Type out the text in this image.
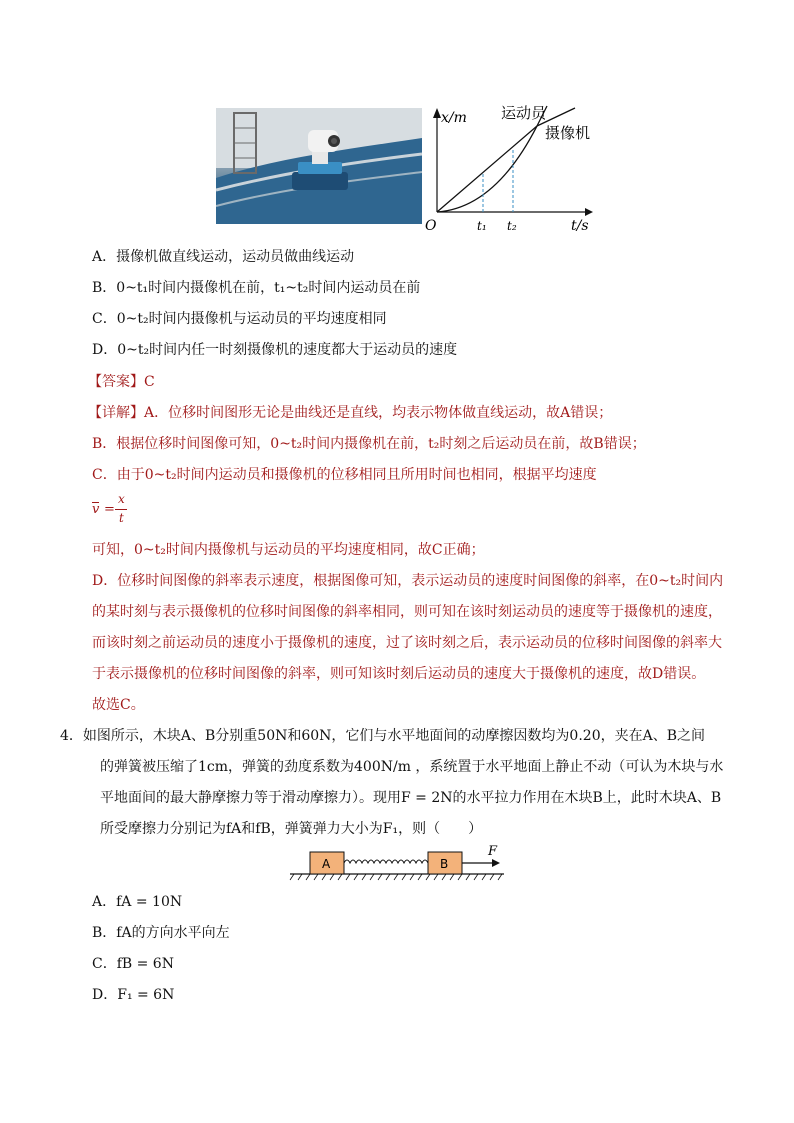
x/m
t/s
O	t₁ t₂
运动员
摄像机
A．摄像机做直线运动，运动员做曲线运动
B．0~t₁时间内摄像机在前，t₁~t₂时间内运动员在前
C．0~t₂时间内摄像机与运动员的平均速度相同
D．0~t₂时间内任一时刻摄像机的速度都大于运动员的速度
【答案】C
【详解】A．位移时间图形无论是曲线还是直线，均表示物体做直线运动，故A错误；
B．根据位移时间图像可知，0~t₂时间内摄像机在前，t₂时刻之后运动员在前，故B错误；
C．由于0~t₂时间内运动员和摄像机的位移相同且所用时间也相同，根据平均速度
v =
x
t
可知，0~t₂时间内摄像机与运动员的平均速度相同，故C正确；
D．位移时间图像的斜率表示速度，根据图像可知，表示运动员的速度时间图像的斜率，在0~t₂时间内
的某时刻与表示摄像机的位移时间图像的斜率相同，则可知在该时刻运动员的速度等于摄像机的速度，
而该时刻之前运动员的速度小于摄像机的速度，过了该时刻之后，表示运动员的位移时间图像的斜率大
于表示摄像机的位移时间图像的斜率，则可知该时刻后运动员的速度大于摄像机的速度，故D错误。
故选C。
4．如图所示，木块A、B分别重50N和60N，它们与水平地面间的动摩擦因数均为0.20，夹在A、B之间
的弹簧被压缩了1cm，弹簧的劲度系数为400N/m ，系统置于水平地面上静止不动（可认为木块与水
平地面间的最大静摩擦力等于滑动摩擦力）。现用F = 2N的水平拉力作用在木块B上，此时木块A、B
所受摩擦力分别记为fA和fB，弹簧弹力大小为F₁，则（　　）
A	B
F
A．fA = 10N
B．fA的方向水平向左
C．fB = 6N
D．F₁ = 6N
